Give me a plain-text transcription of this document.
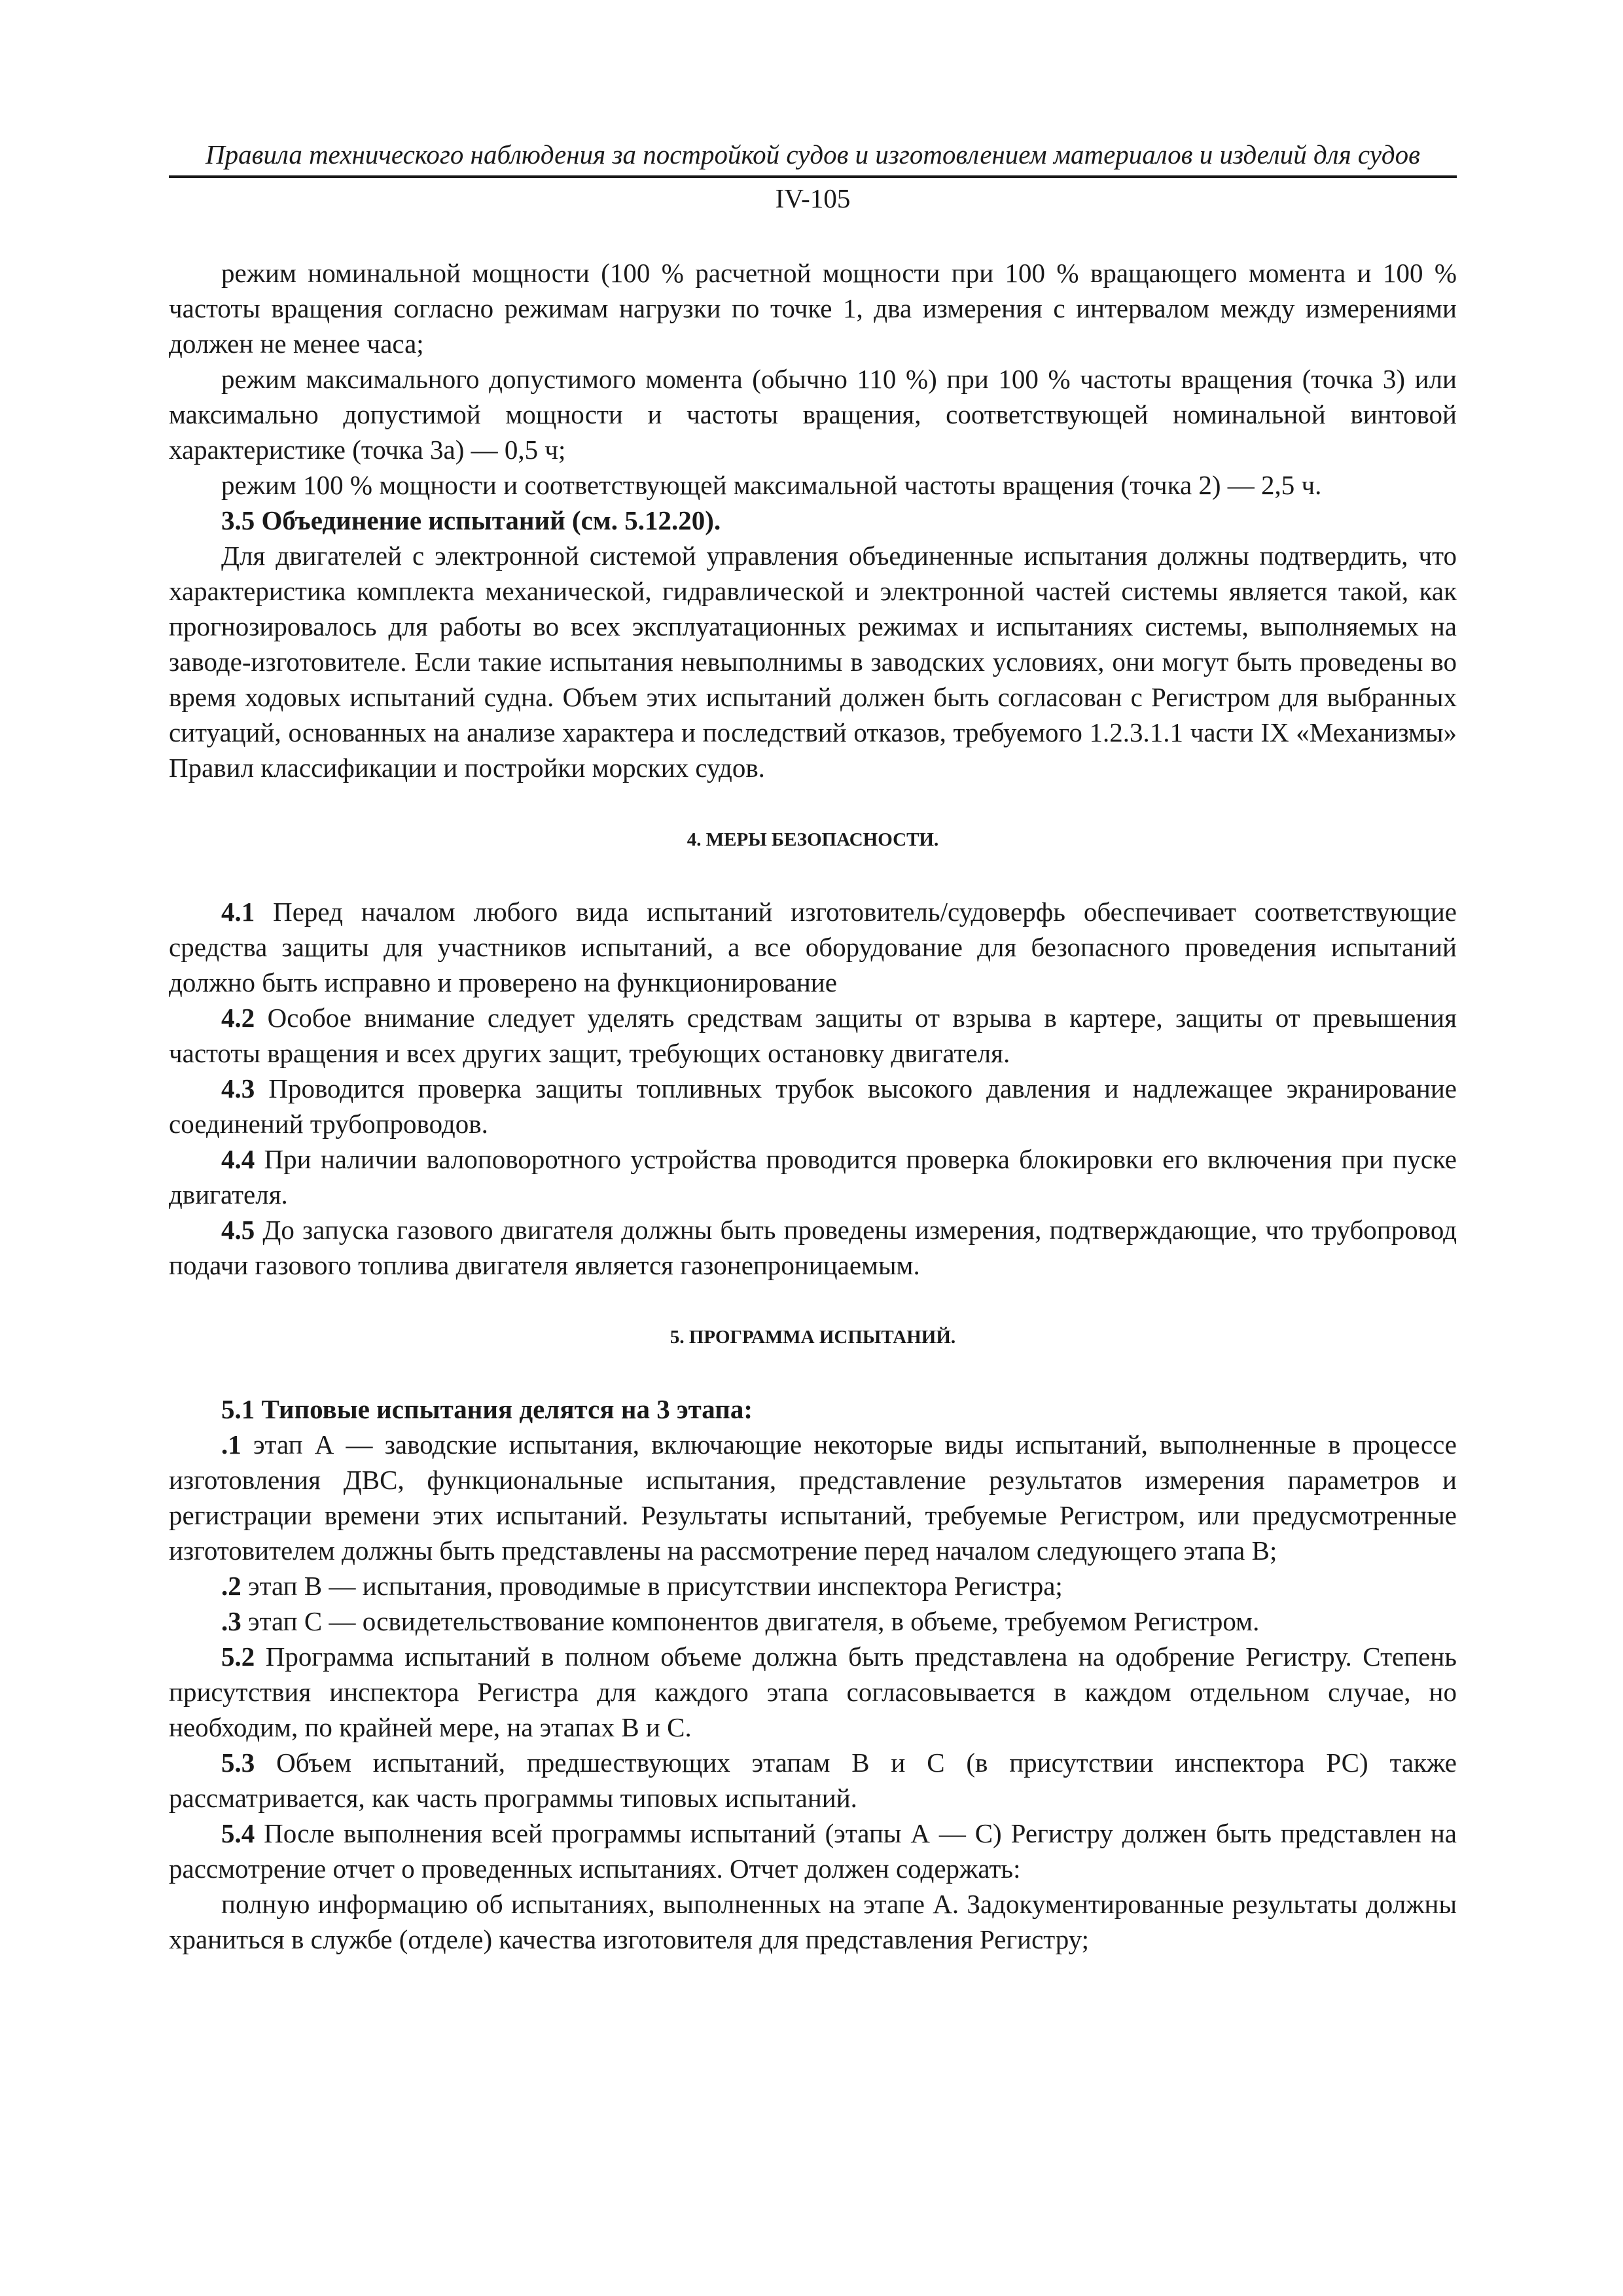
Правила технического наблюдения за постройкой судов и изготовлением материалов и изделий для судов
IV-105

режим номинальной мощности (100 % расчетной мощности при 100 % вращающего момента и 100 % частоты вращения согласно режимам нагрузки по точке 1, два измерения с интервалом между измерениями должен не менее часа;

режим максимального допустимого момента (обычно 110 %) при 100 % частоты вращения (точка 3) или максимально допустимой мощности и частоты вращения, соответствующей номинальной винтовой характеристике (точка 3а) — 0,5 ч;

режим 100 % мощности и соответствующей максимальной частоты вращения (точка 2) — 2,5 ч.

3.5 Объединение испытаний (см. 5.12.20).

Для двигателей с электронной системой управления объединенные испытания должны подтвердить, что характеристика комплекта механической, гидравлической и электронной частей системы является такой, как прогнозировалось для работы во всех эксплуатационных режимах и испытаниях системы, выполняемых на заводе-изготовителе. Если такие испытания невыполнимы в заводских условиях, они могут быть проведены во время ходовых испытаний судна. Объем этих испытаний должен быть согласован с Регистром для выбранных ситуаций, основанных на анализе характера и последствий отказов, требуемого 1.2.3.1.1 части IX «Механизмы» Правил классификации и постройки морских судов.

4. МЕРЫ БЕЗОПАСНОСТИ.

4.1 Перед началом любого вида испытаний изготовитель/судоверфь обеспечивает соответствующие средства защиты для участников испытаний, а все оборудование для безопасного проведения испытаний должно быть исправно и проверено на функционирование

4.2 Особое внимание следует уделять средствам защиты от взрыва в картере, защиты от превышения частоты вращения и всех других защит, требующих остановку двигателя.

4.3 Проводится проверка защиты топливных трубок высокого давления и надлежащее экранирование соединений трубопроводов.

4.4 При наличии валоповоротного устройства проводится проверка блокировки его включения при пуске двигателя.

4.5 До запуска газового двигателя должны быть проведены измерения, подтверждающие, что трубопровод подачи газового топлива двигателя является газонепроницаемым.

5. ПРОГРАММА ИСПЫТАНИЙ.

5.1 Типовые испытания делятся на 3 этапа:

.1 этап А — заводские испытания, включающие некоторые виды испытаний, выполненные в процессе изготовления ДВС, функциональные испытания, представление результатов измерения параметров и регистрации времени этих испытаний. Результаты испытаний, требуемые Регистром, или предусмотренные изготовителем должны быть представлены на рассмотрение перед началом следующего этапа В;

.2 этап В — испытания, проводимые в присутствии инспектора Регистра;

.3 этап С — освидетельствование компонентов двигателя, в объеме, требуемом Регистром.

5.2 Программа испытаний в полном объеме должна быть представлена на одобрение Регистру. Степень присутствия инспектора Регистра для каждого этапа согласовывается в каждом отдельном случае, но необходим, по крайней мере, на этапах В и С.

5.3 Объем испытаний, предшествующих этапам В и С (в присутствии инспектора РС) также рассматривается, как часть программы типовых испытаний.

5.4 После выполнения всей программы испытаний (этапы А — С) Регистру должен быть представлен на рассмотрение отчет о проведенных испытаниях. Отчет должен содержать:

полную информацию об испытаниях, выполненных на этапе А. Задокументированные результаты должны храниться в службе (отделе) качества изготовителя для представления Регистру;
